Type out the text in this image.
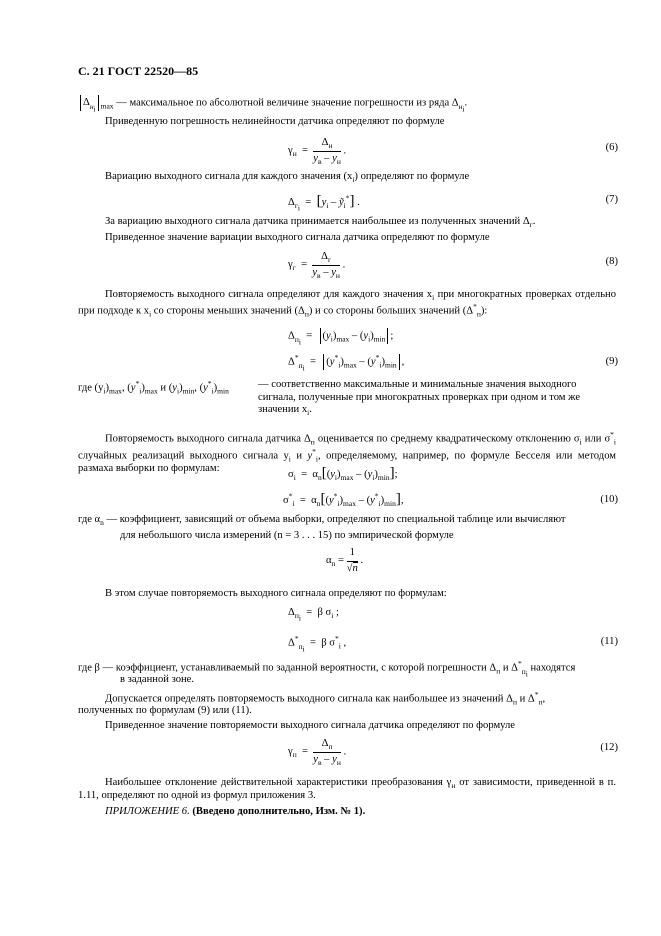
С. 21 ГОСТ 22520—85
$\Delta_{н_i}$ $_{max}$ — максимальное по абсолютной величине значение погрешности из ряда $\Delta_{н_i}$.
Приведенную погрешность нелинейности датчика определяют по формуле
$\gamma_н = \frac{\Delta_н}{y_в - y_н}$ .	(6)
Вариацию выходного сигнала для каждого значения $(x_i)$ определяют по формуле
$\Delta_{г_i} = [y_i$ – ỹ$_i$*] .	(7)
За вариацию выходного сигнала датчика принимается наибольшее из полученных значений $\Delta_г$.
Приведенное значение вариации выходного сигнала датчика определяют по формуле
$\gamma_г = \frac{\Delta_г}{y_в - y_н}$ .	(8)
Повторяемость выходного сигнала определяют для каждого значения $x_i$ при многократных проверках отдельно при подходе к $x_i$ со стороны меньших значений $(\Delta_п)$ и со стороны больших значений $(\Delta^*_п)$:
$\Delta_{п_i} = (y_i)_{max} - (y_i)_{min}$ ;
$\Delta^*_{п_i} = (y^*_i)_{max} - (y^*_i)_{min}$ ,	(9)
где $(y_i)_{max}$, $(y^*_i)_{max}$ и $(y_i)_{min}$, $(y^*_i)_{min}$
— соответственно максимальные и минимальные значения выходного сигнала, полученные при многократных проверках при одном и том же значении $x_i$.
Повторяемость выходного сигнала датчика $\Delta_п$ оценивается по среднему квадратическому отклонению $\sigma_i$ или $\sigma^*_i$ случайных реализаций выходного сигнала $y_i$ и $y^*_i$, определяемому, например, по формуле Бесселя или методом размаха выборки по формулам:
$\sigma_i = \alpha_n[(y_i)_{max} - (y_i)_{min}]$;
$\sigma^*_i = \alpha_n[(y^*_i)_{max} - (y^*_i)_{min}]$,	(10)
где $\alpha_n$ — коэффициент, зависящий от объема выборки, определяют по специальной таблице или вычисляют
для небольшого числа измерений (n = 3 . . . 15) по эмпирической формуле
$\alpha_n = \frac{1}{√n}$ .
В этом случае повторяемость выходного сигнала определяют по формулам:
$\Delta_{п_i} = \beta$ $\sigma_i$ ;
$\Delta^*_{п_i} = \beta$ $\sigma^*_i$ ,	(11)
где β — коэффициент, устанавливаемый по заданной вероятности, с которой погрешности $\Delta_п$ и $\Delta^*_{п_i}$ находятся
в заданной зоне.
Допускается определять повторяемость выходного сигнала как наибольшее из значений $\Delta_п$ и $\Delta^*_п$,
полученных по формулам (9) или (11).
Приведенное значение повторяемости выходного сигнала датчика определяют по формуле
$\gamma_п = \frac{\Delta_п}{y_в - y_н}$ .	(12)
Наибольшее отклонение действительной характеристики преобразования $\gamma_н$ от зависимости, приведенной в п. 1.11, определяют по одной из формул приложения 3.
ПРИЛОЖЕНИЕ 6. (Введено дополнительно, Изм. № 1).
